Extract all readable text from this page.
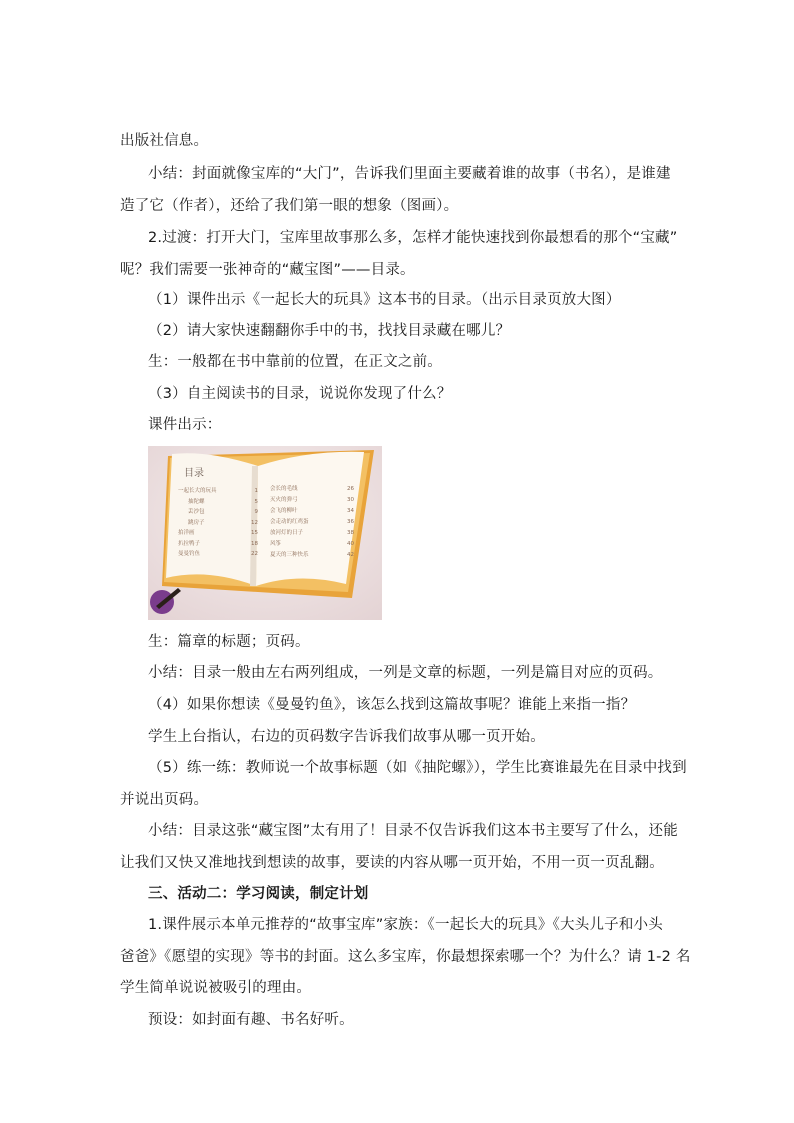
出版社信息。
小结：封面就像宝库的“大门”，告诉我们里面主要藏着谁的故事（书名），是谁建
造了它（作者），还给了我们第一眼的想象（图画）。
2.过渡：打开大门，宝库里故事那么多，怎样才能快速找到你最想看的那个“宝藏”
呢？我们需要一张神奇的“藏宝图”——目录。
（1）课件出示《一起长大的玩具》这本书的目录。（出示目录页放大图）
（2）请大家快速翻翻你手中的书，找找目录藏在哪儿？
生：一般都在书中靠前的位置，在正文之前。
（3）自主阅读书的目录，说说你发现了什么？
课件出示：
目录
一起长大的玩具	1
抽陀螺	5
丢沙包	9
跳房子	12
拍洋画	15
扒拉鸭子	18
曼曼钓鱼	22
会长的毛线	26
灭火的弹弓	30
会飞的柳叶	34
会走动的红鸡蛋	36
放河灯的日子	38
风筝	40
夏天的三种快乐	42
生：篇章的标题；页码。
小结：目录一般由左右两列组成，一列是文章的标题，一列是篇目对应的页码。
（4）如果你想读《曼曼钓鱼》，该怎么找到这篇故事呢？谁能上来指一指？
学生上台指认，右边的页码数字告诉我们故事从哪一页开始。
（5）练一练：教师说一个故事标题（如《抽陀螺》），学生比赛谁最先在目录中找到
并说出页码。
小结：目录这张“藏宝图”太有用了！目录不仅告诉我们这本书主要写了什么，还能
让我们又快又准地找到想读的故事，要读的内容从哪一页开始，不用一页一页乱翻。
三、活动二：学习阅读，制定计划
1.课件展示本单元推荐的“故事宝库”家族：《一起长大的玩具》《大头儿子和小头
爸爸》《愿望的实现》等书的封面。这么多宝库，你最想探索哪一个？为什么？请 1-2 名
学生简单说说被吸引的理由。
预设：如封面有趣、书名好听。
